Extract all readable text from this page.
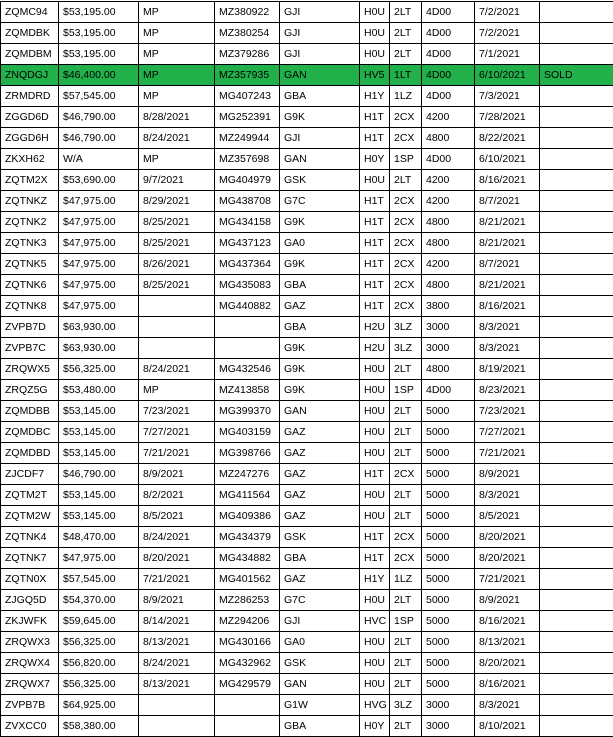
ZQMC94	$53,195.00	MP	MZ380922	GJI	H0U	2LT	4D00	7/2/2021	
ZQMDBK	$53,195.00	MP	MZ380254	GJI	H0U	2LT	4D00	7/2/2021	
ZQMDBM	$53,195.00	MP	MZ379286	GJI	H0U	2LT	4D00	7/1/2021	
ZNQDGJ	$46,400.00	MP	MZ357935	GAN	HV5	1LT	4D00	6/10/2021	SOLD
ZRMDRD	$57,545.00	MP	MG407243	GBA	H1Y	1LZ	4D00	7/3/2021	
ZGGD6D	$46,790.00	8/28/2021	MG252391	G9K	H1T	2CX	4200	7/28/2021	
ZGGD6H	$46,790.00	8/24/2021	MZ249944	GJI	H1T	2CX	4800	8/22/2021	
ZKXH62	W/A	MP	MZ357698	GAN	H0Y	1SP	4D00	6/10/2021	
ZQTM2X	$53,690.00	9/7/2021	MG404979	GSK	H0U	2LT	4200	8/16/2021	
ZQTNKZ	$47,975.00	8/29/2021	MG438708	G7C	H1T	2CX	4200	8/7/2021	
ZQTNK2	$47,975.00	8/25/2021	MG434158	G9K	H1T	2CX	4800	8/21/2021	
ZQTNK3	$47,975.00	8/25/2021	MG437123	GA0	H1T	2CX	4800	8/21/2021	
ZQTNK5	$47,975.00	8/26/2021	MG437364	G9K	H1T	2CX	4200	8/7/2021	
ZQTNK6	$47,975.00	8/25/2021	MG435083	GBA	H1T	2CX	4800	8/21/2021	
ZQTNK8	$47,975.00		MG440882	GAZ	H1T	2CX	3800	8/16/2021	
ZVPB7D	$63,930.00			GBA	H2U	3LZ	3000	8/3/2021	
ZVPB7C	$63,930.00			G9K	H2U	3LZ	3000	8/3/2021	
ZRQWX5	$56,325.00	8/24/2021	MG432546	G9K	H0U	2LT	4800	8/19/2021	
ZRQZ5G	$53,480.00	MP	MZ413858	G9K	H0U	1SP	4D00	8/23/2021	
ZQMDBB	$53,145.00	7/23/2021	MG399370	GAN	H0U	2LT	5000	7/23/2021	
ZQMDBC	$53,145.00	7/27/2021	MG403159	GAZ	H0U	2LT	5000	7/27/2021	
ZQMDBD	$53,145.00	7/21/2021	MG398766	GAZ	H0U	2LT	5000	7/21/2021	
ZJCDF7	$46,790.00	8/9/2021	MZ247276	GAZ	H1T	2CX	5000	8/9/2021	
ZQTM2T	$53,145.00	8/2/2021	MG411564	GAZ	H0U	2LT	5000	8/3/2021	
ZQTM2W	$53,145.00	8/5/2021	MG409386	GAZ	H0U	2LT	5000	8/5/2021	
ZQTNK4	$48,470.00	8/24/2021	MG434379	GSK	H1T	2CX	5000	8/20/2021	
ZQTNK7	$47,975.00	8/20/2021	MG434882	GBA	H1T	2CX	5000	8/20/2021	
ZQTN0X	$57,545.00	7/21/2021	MG401562	GAZ	H1Y	1LZ	5000	7/21/2021	
ZJGQ5D	$54,370.00	8/9/2021	MZ286253	G7C	H0U	2LT	5000	8/9/2021	
ZKJWFK	$59,645.00	8/14/2021	MZ294206	GJI	HVC	1SP	5000	8/16/2021	
ZRQWX3	$56,325.00	8/13/2021	MG430166	GA0	H0U	2LT	5000	8/13/2021	
ZRQWX4	$56,820.00	8/24/2021	MG432962	GSK	H0U	2LT	5000	8/20/2021	
ZRQWX7	$56,325.00	8/13/2021	MG429579	GAN	H0U	2LT	5000	8/16/2021	
ZVPB7B	$64,925.00			G1W	HVG	3LZ	3000	8/3/2021	
ZVXCC0	$58,380.00			GBA	H0Y	2LT	3000	8/10/2021	
